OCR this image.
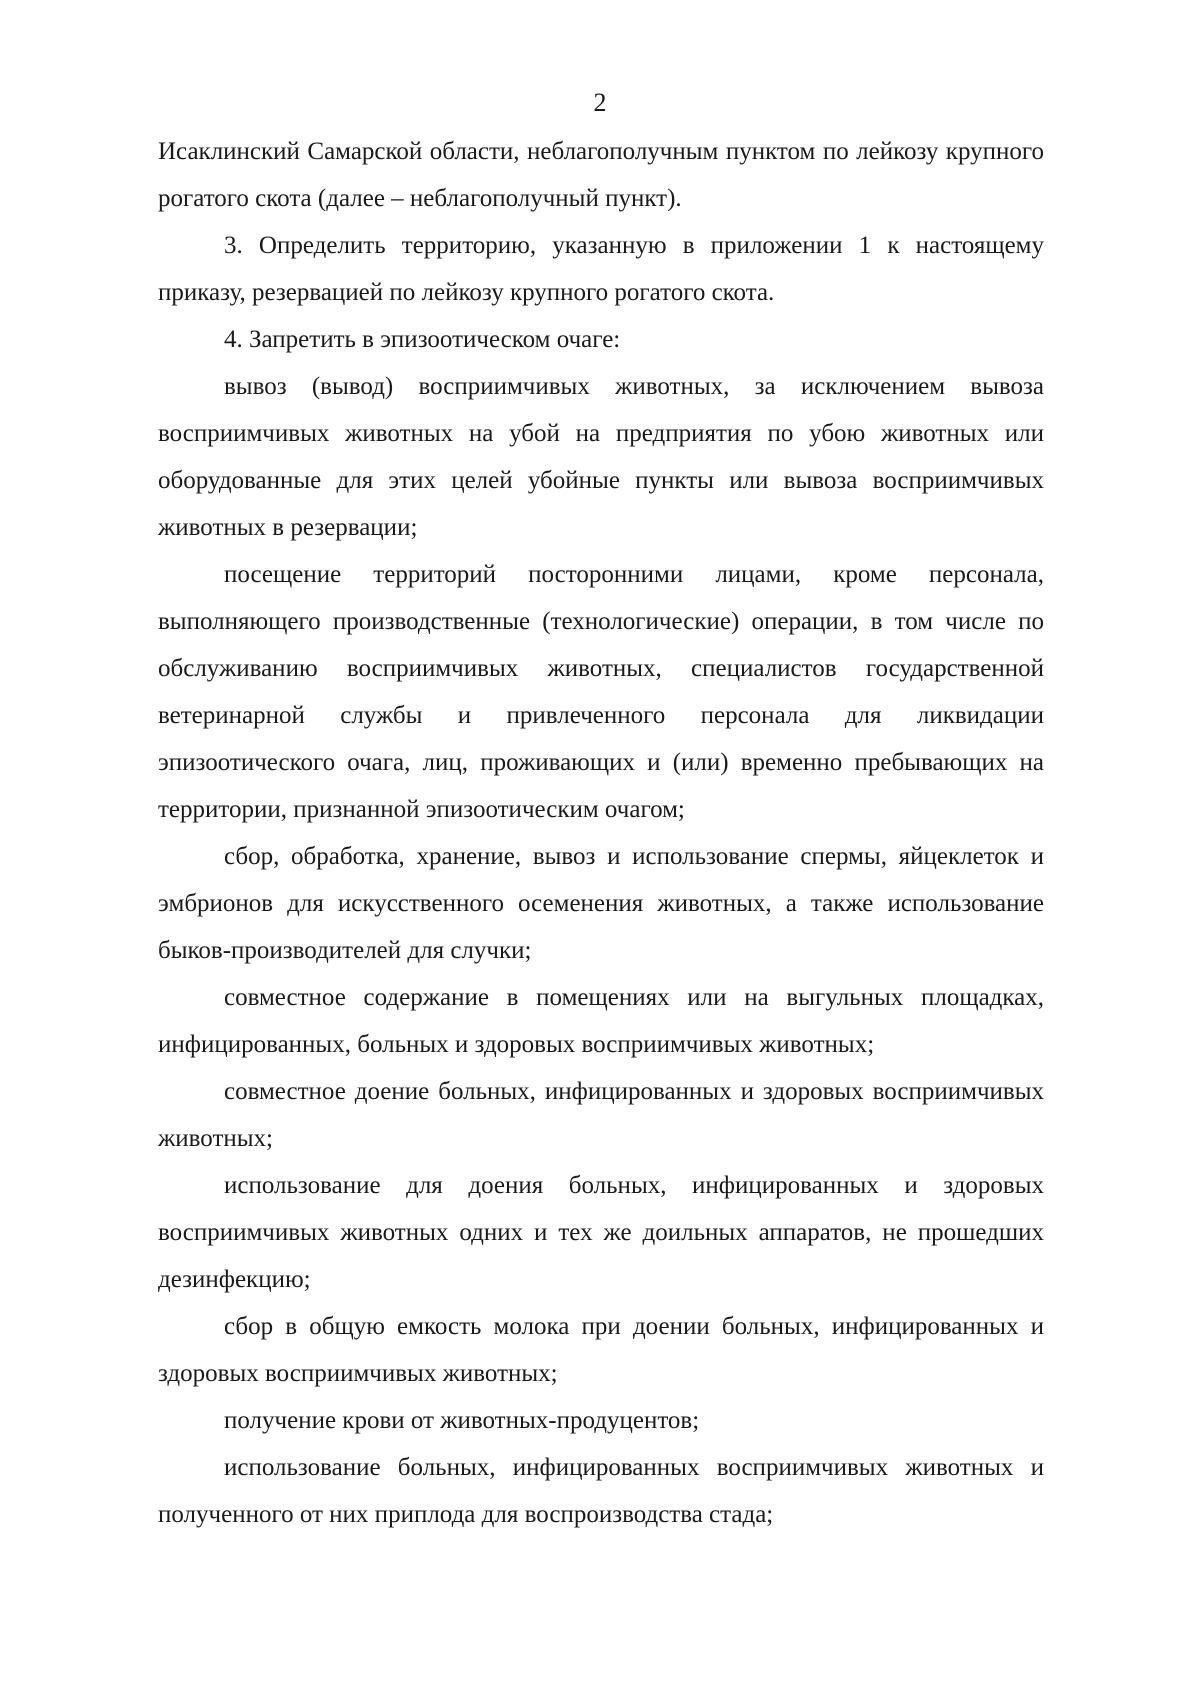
2

Исаклинский Самарской области, неблагополучным пунктом по лейкозу крупного рогатого скота (далее – неблагополучный пункт).

3. Определить территорию, указанную в приложении 1 к настоящему приказу, резервацией по лейкозу крупного рогатого скота.

4. Запретить в эпизоотическом очаге:

вывоз (вывод) восприимчивых животных, за исключением вывоза восприимчивых животных на убой на предприятия по убою животных или оборудованные для этих целей убойные пункты или вывоза восприимчивых животных в резервации;

посещение территорий посторонними лицами, кроме персонала, выполняющего производственные (технологические) операции, в том числе по обслуживанию восприимчивых животных, специалистов государственной ветеринарной службы и привлеченного персонала для ликвидации эпизоотического очага, лиц, проживающих и (или) временно пребывающих на территории, признанной эпизоотическим очагом;

сбор, обработка, хранение, вывоз и использование спермы, яйцеклеток и эмбрионов для искусственного осеменения животных, а также использование быков-производителей для случки;

совместное содержание в помещениях или на выгульных площадках, инфицированных, больных и здоровых восприимчивых животных;

совместное доение больных, инфицированных и здоровых восприимчивых животных;

использование для доения больных, инфицированных и здоровых восприимчивых животных одних и тех же доильных аппаратов, не прошедших дезинфекцию;

сбор в общую емкость молока при доении больных, инфицированных и здоровых восприимчивых животных;

получение крови от животных-продуцентов;

использование больных, инфицированных восприимчивых животных и полученного от них приплода для воспроизводства стада;
